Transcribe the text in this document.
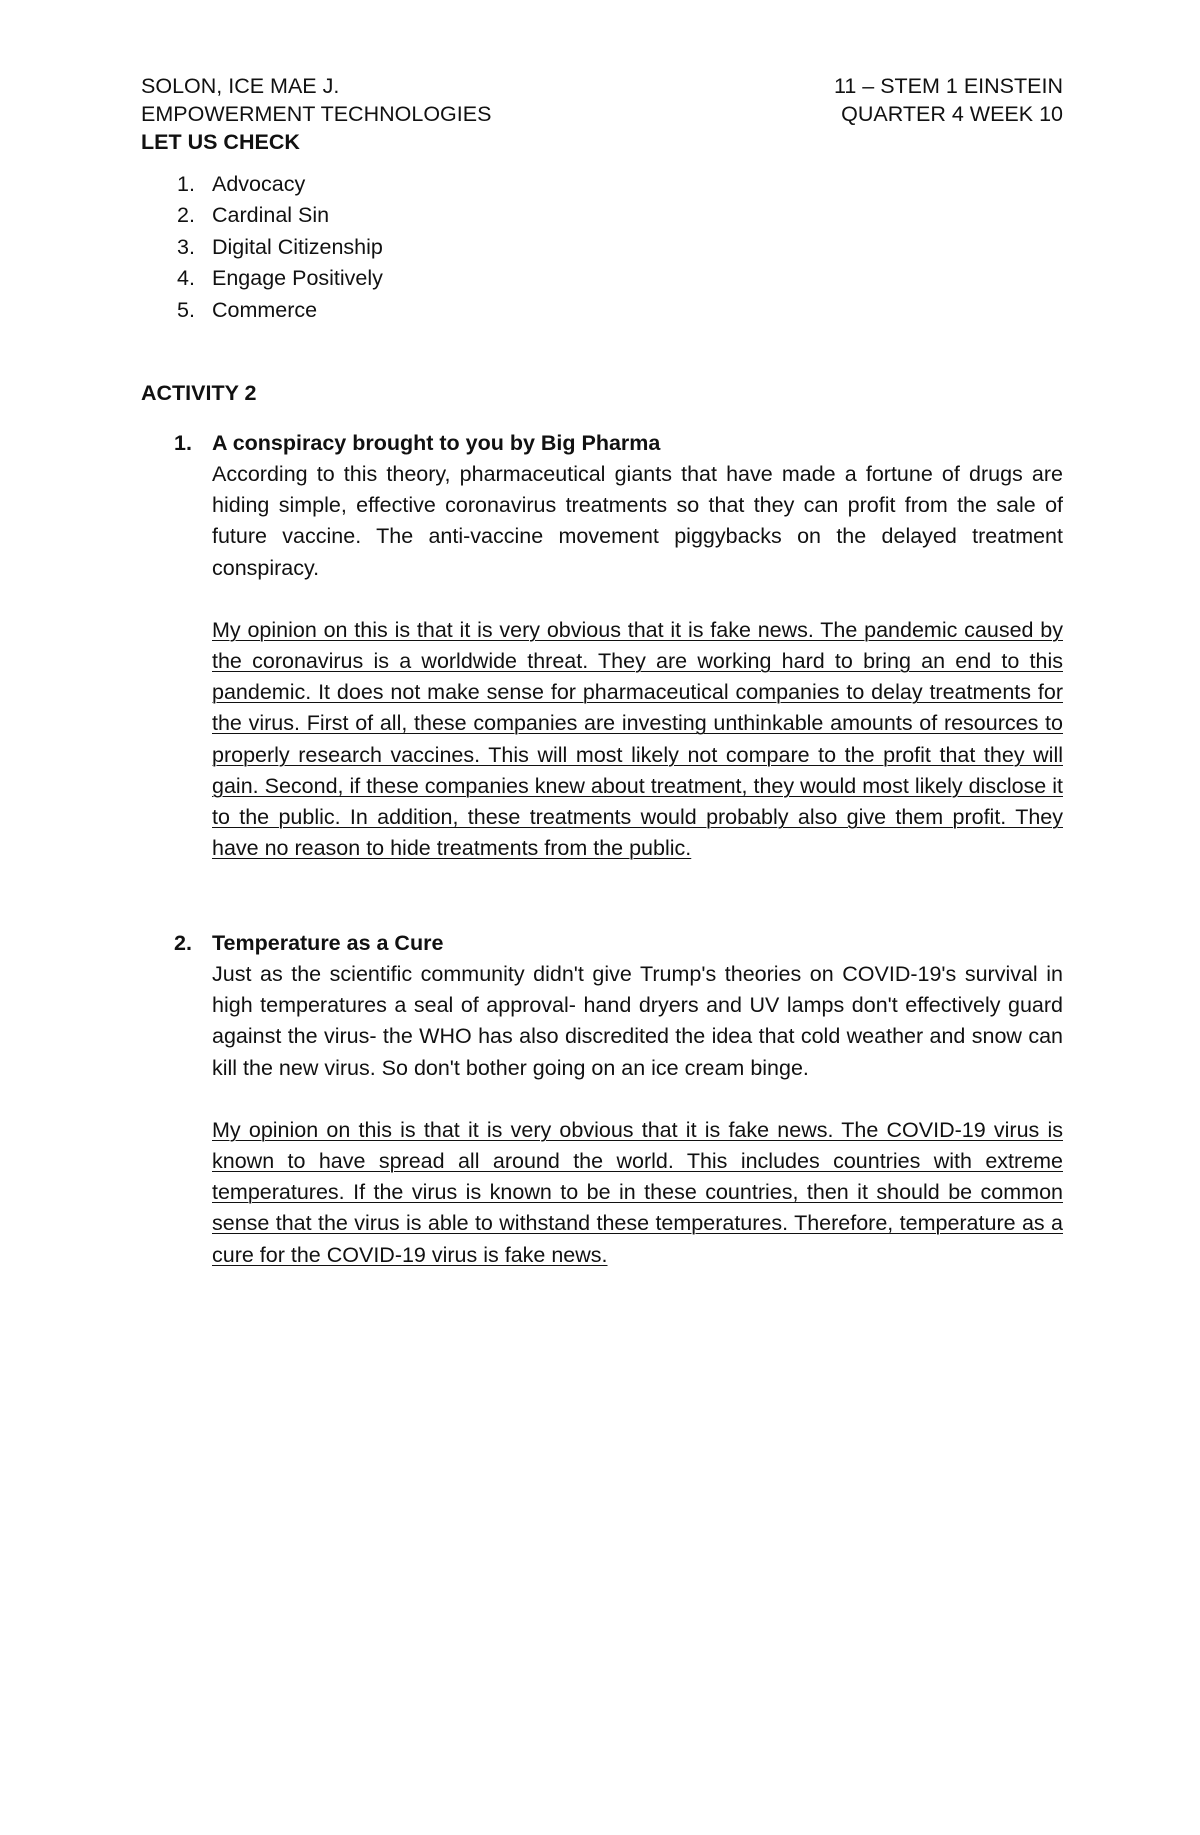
SOLON, ICE MAE J.	11 – STEM 1 EINSTEIN
EMPOWERMENT TECHNOLOGIES	QUARTER 4 WEEK 10
LET US CHECK
1. Advocacy
2. Cardinal Sin
3. Digital Citizenship
4. Engage Positively
5. Commerce
ACTIVITY 2
1. A conspiracy brought to you by Big Pharma
According to this theory, pharmaceutical giants that have made a fortune of drugs are hiding simple, effective coronavirus treatments so that they can profit from the sale of future vaccine. The anti-vaccine movement piggybacks on the delayed treatment conspiracy.
My opinion on this is that it is very obvious that it is fake news. The pandemic caused by the coronavirus is a worldwide threat. They are working hard to bring an end to this pandemic. It does not make sense for pharmaceutical companies to delay treatments for the virus. First of all, these companies are investing unthinkable amounts of resources to properly research vaccines. This will most likely not compare to the profit that they will gain. Second, if these companies knew about treatment, they would most likely disclose it to the public. In addition, these treatments would probably also give them profit. They have no reason to hide treatments from the public.
2. Temperature as a Cure
Just as the scientific community didn't give Trump's theories on COVID-19's survival in high temperatures a seal of approval- hand dryers and UV lamps don't effectively guard against the virus- the WHO has also discredited the idea that cold weather and snow can kill the new virus. So don't bother going on an ice cream binge.
My opinion on this is that it is very obvious that it is fake news. The COVID-19 virus is known to have spread all around the world. This includes countries with extreme temperatures. If the virus is known to be in these countries, then it should be common sense that the virus is able to withstand these temperatures. Therefore, temperature as a cure for the COVID-19 virus is fake news.
